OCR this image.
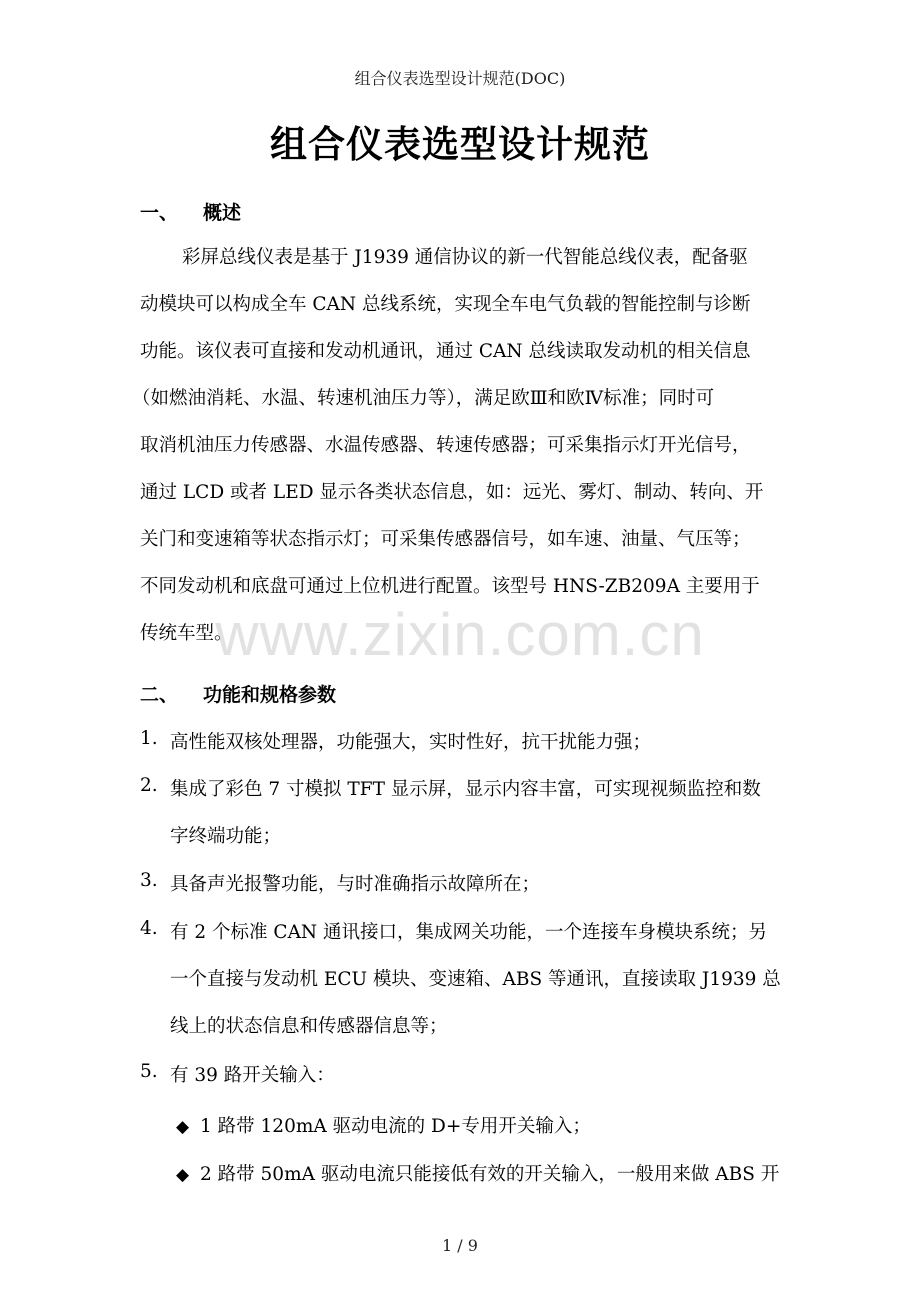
组合仪表选型设计规范(DOC)
组合仪表选型设计规范
一、 概述
彩屏总线仪表是基于 J1939 通信协议的新一代智能总线仪表，配备驱
动模块可以构成全车 CAN 总线系统，实现全车电气负载的智能控制与诊断
功能。该仪表可直接和发动机通讯，通过 CAN 总线读取发动机的相关信息
（如燃油消耗、水温、转速机油压力等），满足欧Ⅲ和欧Ⅳ标准；同时可
取消机油压力传感器、水温传感器、转速传感器；可采集指示灯开光信号，
通过 LCD 或者 LED 显示各类状态信息，如：远光、雾灯、制动、转向、开
关门和变速箱等状态指示灯；可采集传感器信号，如车速、油量、气压等；
不同发动机和底盘可通过上位机进行配置。该型号 HNS-ZB209A 主要用于
传统车型。
二、 功能和规格参数
1. 高性能双核处理器，功能强大，实时性好，抗干扰能力强；
2. 集成了彩色 7 寸模拟 TFT 显示屏，显示内容丰富，可实现视频监控和数
字终端功能；
3. 具备声光报警功能，与时准确指示故障所在；
4. 有 2 个标准 CAN 通讯接口，集成网关功能，一个连接车身模块系统；另
一个直接与发动机 ECU 模块、变速箱、ABS 等通讯，直接读取 J1939 总
线上的状态信息和传感器信息等；
5. 有 39 路开关输入：
◆ 1 路带 120mA 驱动电流的 D+专用开关输入；
◆ 2 路带 50mA 驱动电流只能接低有效的开关输入，一般用来做 ABS 开
www.zixin.com.cn
1 / 9
